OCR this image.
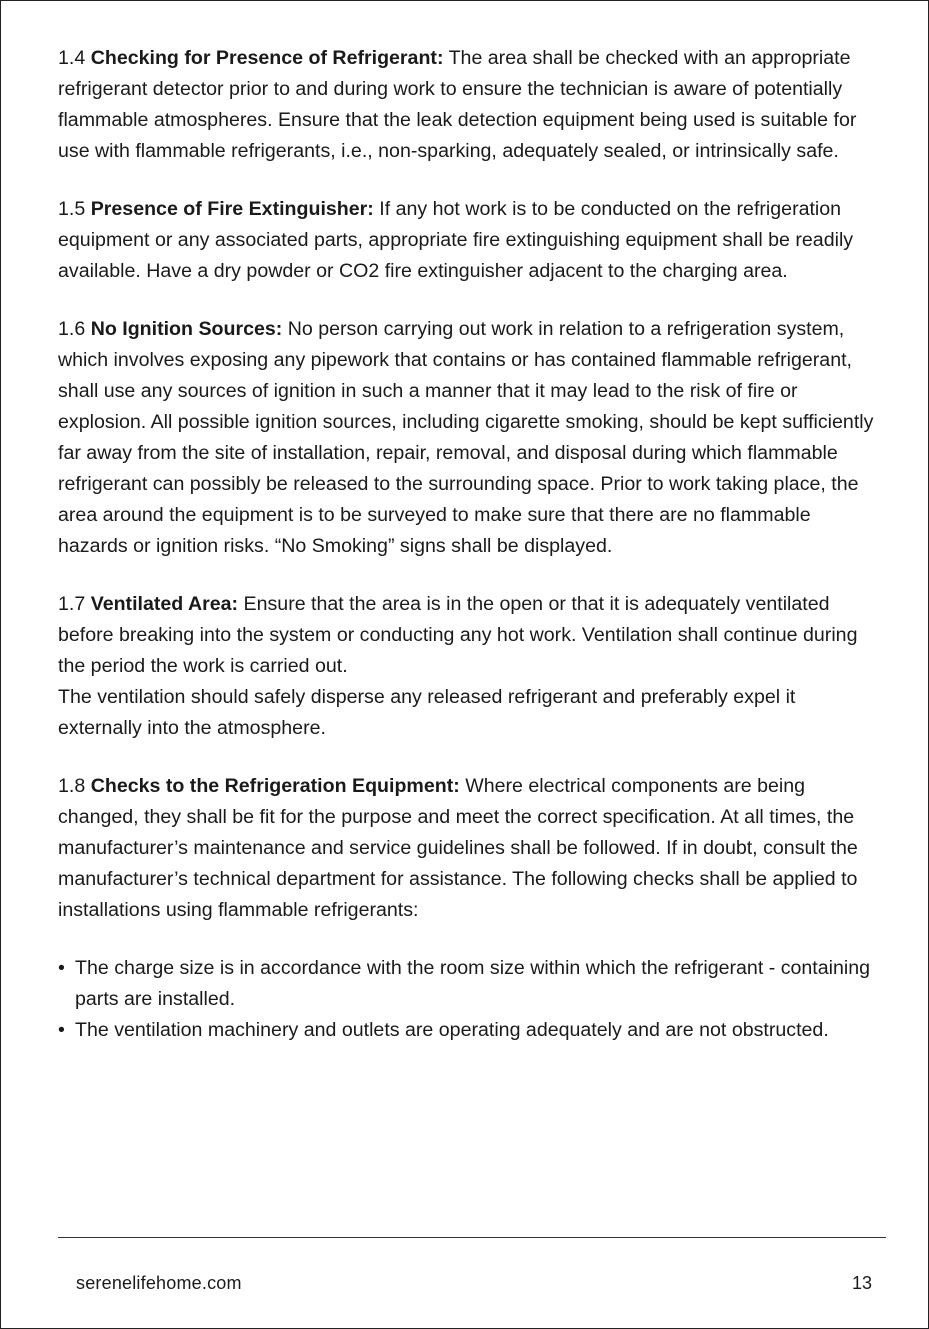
1.4 Checking for Presence of Refrigerant: The area shall be checked with an appropriate refrigerant detector prior to and during work to ensure the technician is aware of potentially flammable atmospheres. Ensure that the leak detection equipment being used is suitable for use with flammable refrigerants, i.e., non-sparking, adequately sealed, or intrinsically safe.

1.5 Presence of Fire Extinguisher: If any hot work is to be conducted on the refrigeration equipment or any associated parts, appropriate fire extinguishing equipment shall be readily available. Have a dry powder or CO2 fire extinguisher adjacent to the charging area.

1.6 No Ignition Sources: No person carrying out work in relation to a refrigeration system, which involves exposing any pipework that contains or has contained flammable refrigerant, shall use any sources of ignition in such a manner that it may lead to the risk of fire or explosion. All possible ignition sources, including cigarette smoking, should be kept sufficiently far away from the site of installation, repair, removal, and disposal during which flammable refrigerant can possibly be released to the surrounding space. Prior to work taking place, the area around the equipment is to be surveyed to make sure that there are no flammable hazards or ignition risks. “No Smoking” signs shall be displayed.

1.7 Ventilated Area: Ensure that the area is in the open or that it is adequately ventilated before breaking into the system or conducting any hot work. Ventilation shall continue during the period the work is carried out.
The ventilation should safely disperse any released refrigerant and preferably expel it externally into the atmosphere.

1.8 Checks to the Refrigeration Equipment: Where electrical components are being changed, they shall be fit for the purpose and meet the correct specification. At all times, the manufacturer’s maintenance and service guidelines shall be followed. If in doubt, consult the manufacturer’s technical department for assistance. The following checks shall be applied to installations using flammable refrigerants:

• The charge size is in accordance with the room size within which the refrigerant - containing parts are installed.
• The ventilation machinery and outlets are operating adequately and are not obstructed.
serenelifehome.com	13
